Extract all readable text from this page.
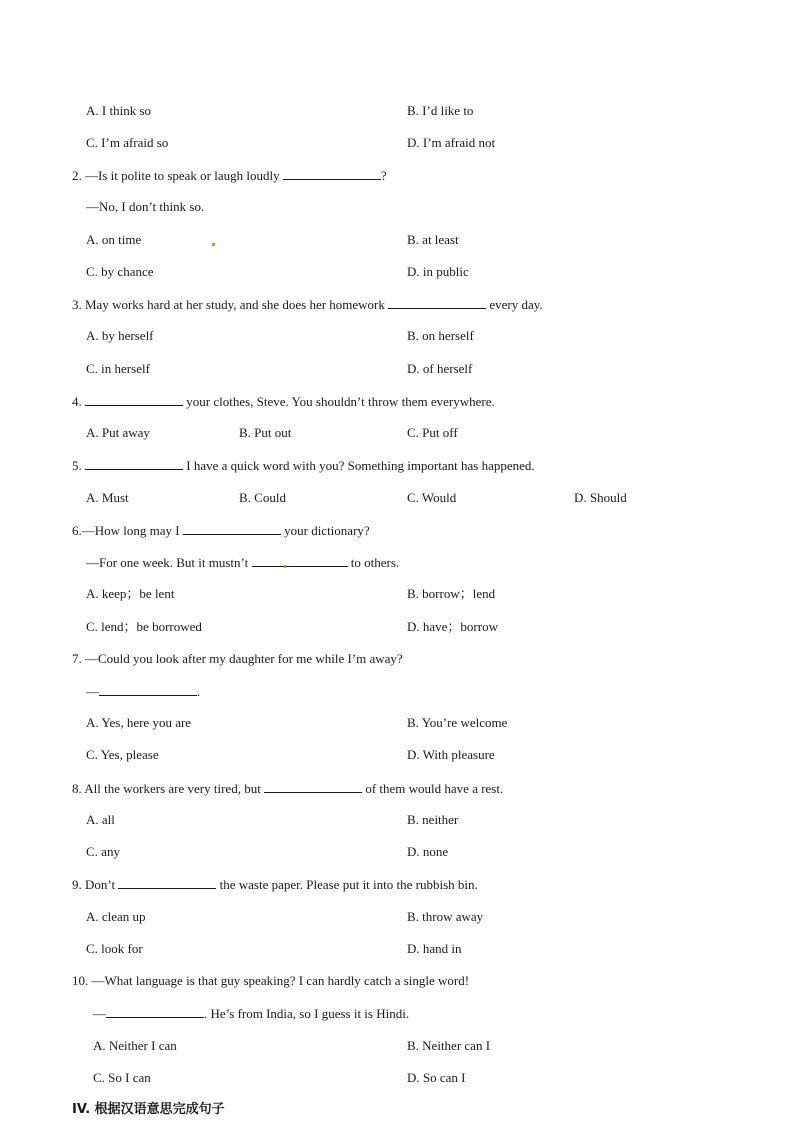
A. I think so	B. I’d like to
C. I’m afraid so	D. I’m afraid not
2. —Is it polite to speak or laugh loudly	?
—No, I don’t think so.
A. on time	B. at least
C. by chance	D. in public
3. May works hard at her study, and she does her homework	every day.
A. by herself	B. on herself
C. in herself	D. of herself
4.	your clothes, Steve. You shouldn’t throw them everywhere.
A. Put away	B. Put out	C. Put off
5.	I have a quick word with you? Something important has happened.
A. Must	B. Could	C. Would	D. Should
6.—How long may I	your dictionary?
—For one week. But it mustn’t	to others.
A. keep；be lent	B. borrow；lend
C. lend；be borrowed	D. have；borrow
7. —Could you look after my daughter for me while I’m away?
—	.
A. Yes, here you are	B. You’re welcome
C. Yes, please	D. With pleasure
8. All the workers are very tired, but	of them would have a rest.
A. all	B. neither
C. any	D. none
9. Don’t	the waste paper. Please put it into the rubbish bin.
A. clean up	B. throw away
C. look for	D. hand in
10. —What language is that guy speaking? I can hardly catch a single word!
—	. He’s from India, so I guess it is Hindi.
A. Neither I can	B. Neither can I
C. So I can	D. So can I
IV. 根据汉语意思完成句子
